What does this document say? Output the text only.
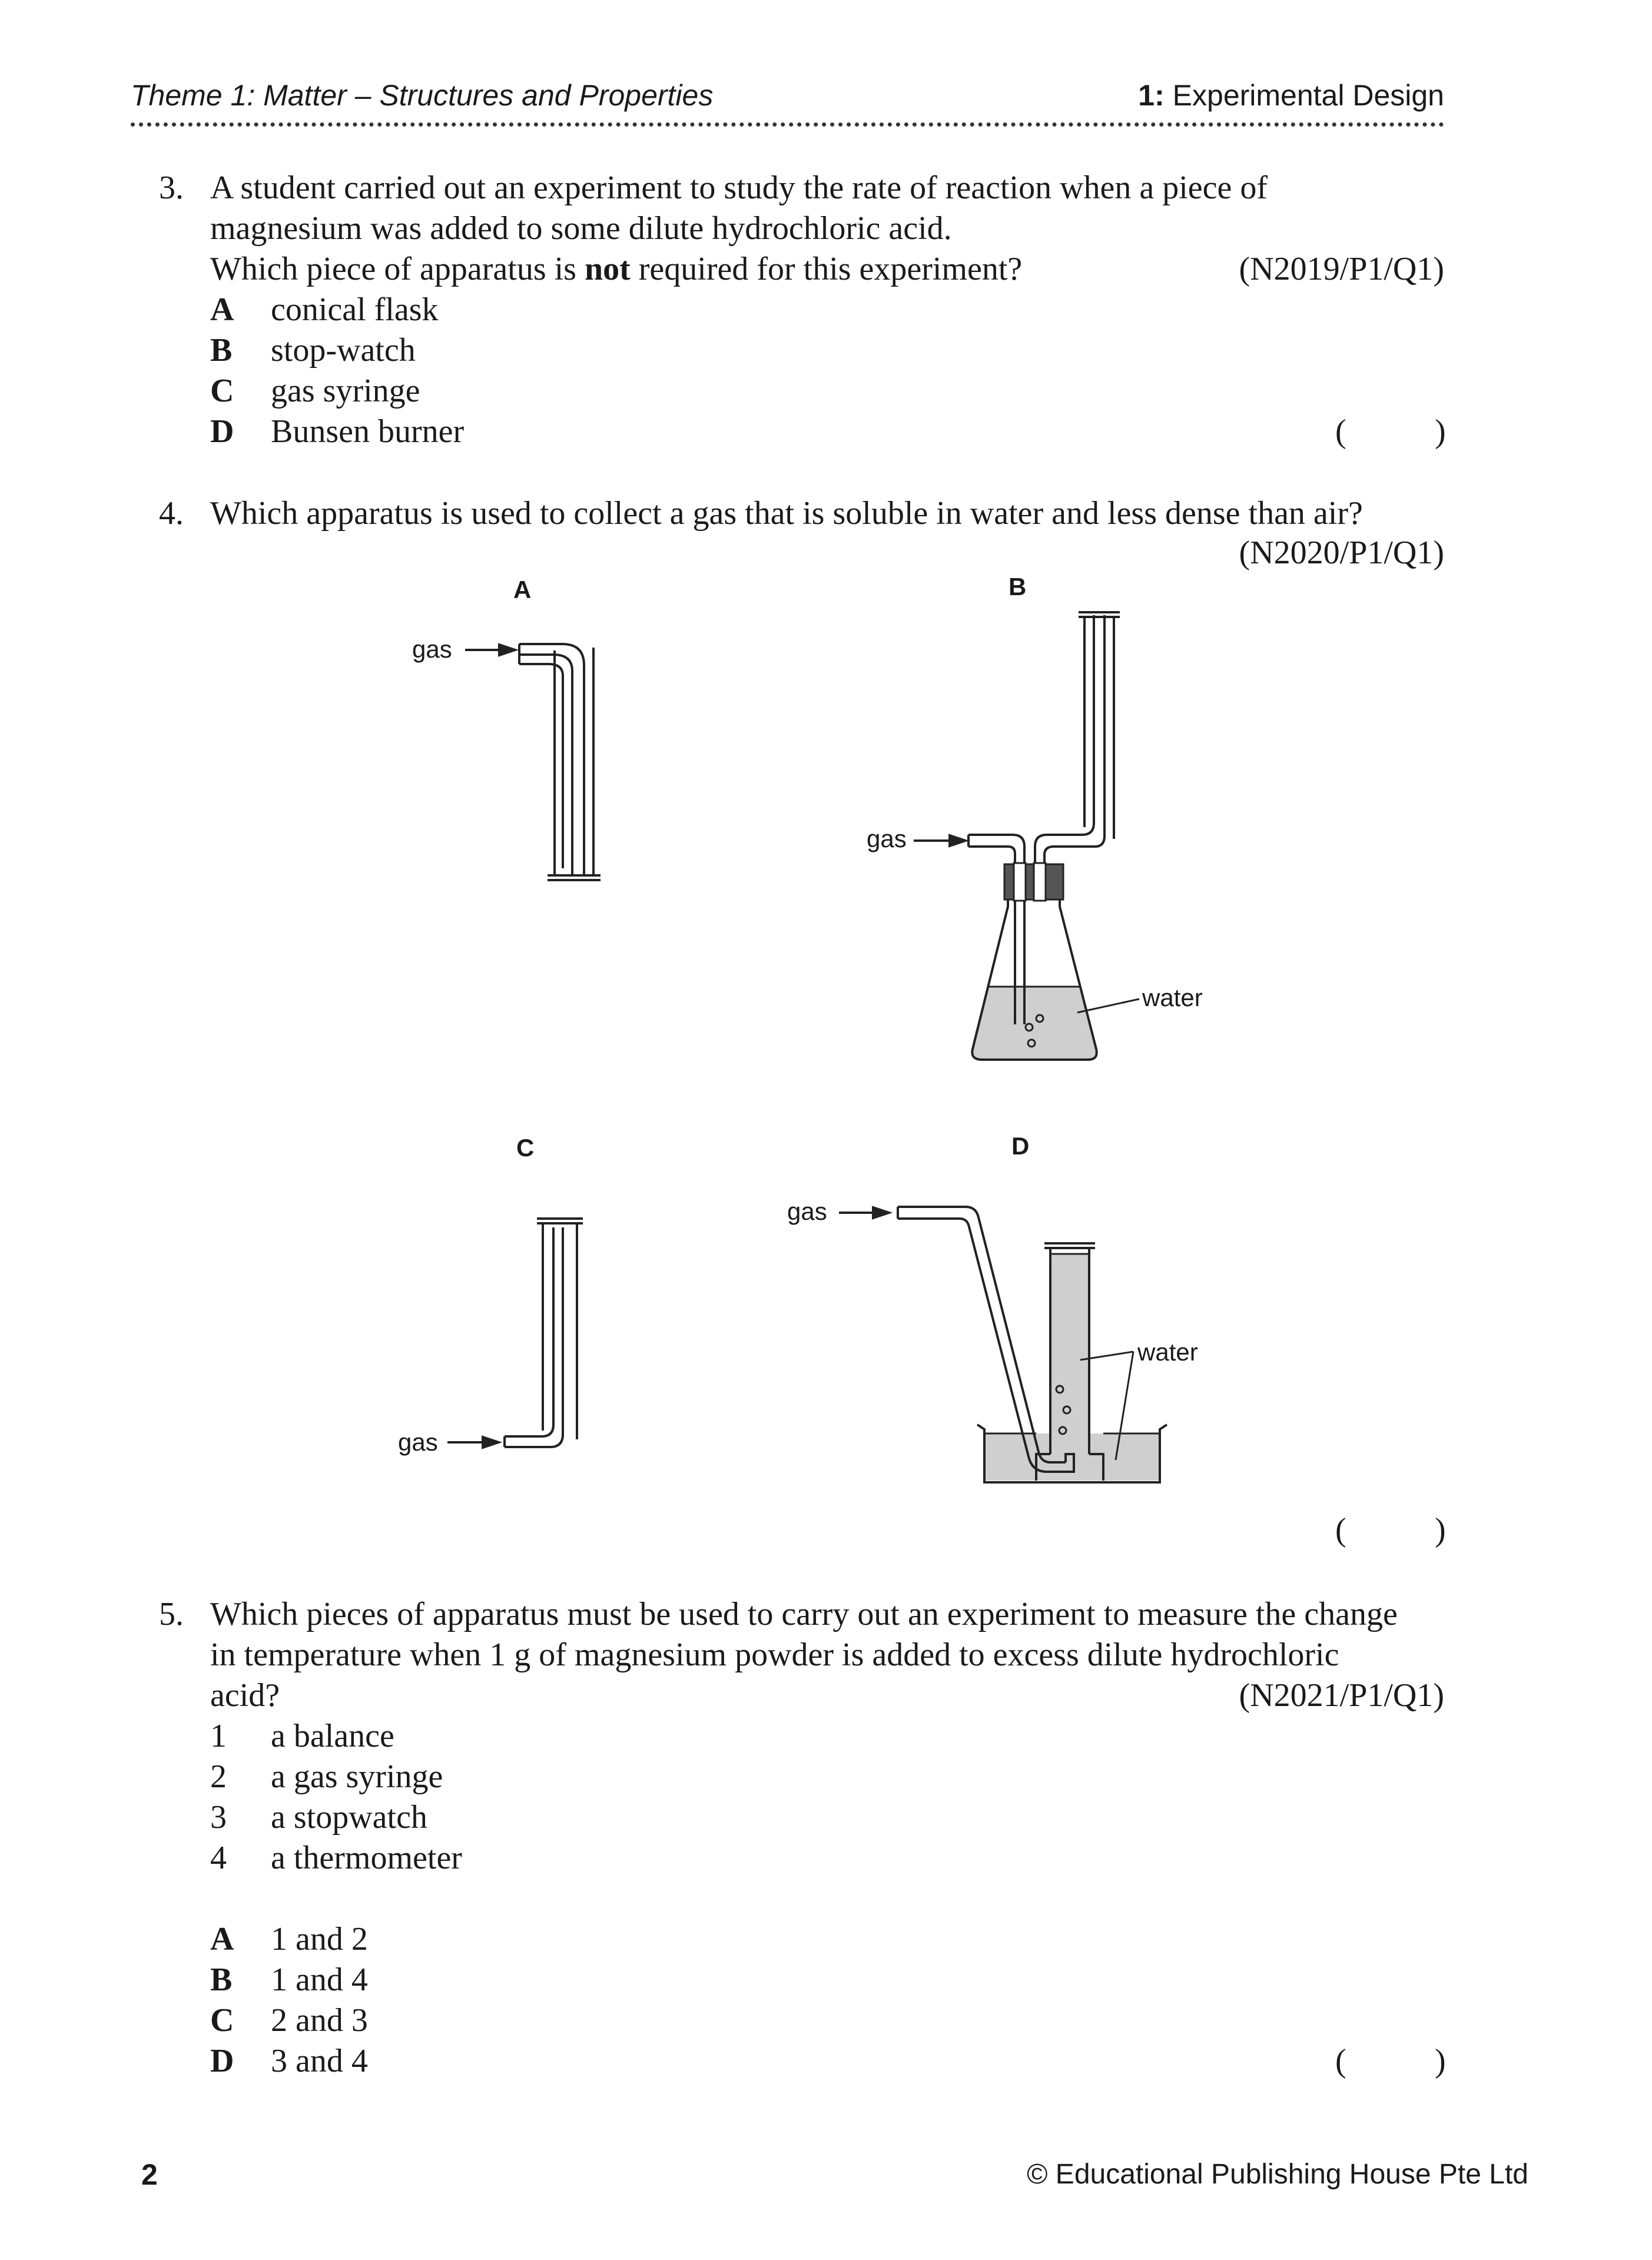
Theme 1: Matter – Structures and Properties	1: Experimental Design
3. A student carried out an experiment to study the rate of reaction when a piece of
magnesium was added to some dilute hydrochloric acid.
Which piece of apparatus is not required for this experiment?	(N2019/P1/Q1)
A conical flask
B stop-watch
C gas syringe
D Bunsen burner	(	)
4. Which apparatus is used to collect a gas that is soluble in water and less dense than air?
(N2020/P1/Q1)
A	B
C	D
gas
gas
water
gas
gas
water
(	)
5. Which pieces of apparatus must be used to carry out an experiment to measure the change
in temperature when 1 g of magnesium powder is added to excess dilute hydrochloric
acid?	(N2021/P1/Q1)
1 a balance
2 a gas syringe
3 a stopwatch
4 a thermometer
A 1 and 2
B 1 and 4
C 2 and 3
D 3 and 4	(	)
2	© Educational Publishing House Pte Ltd
